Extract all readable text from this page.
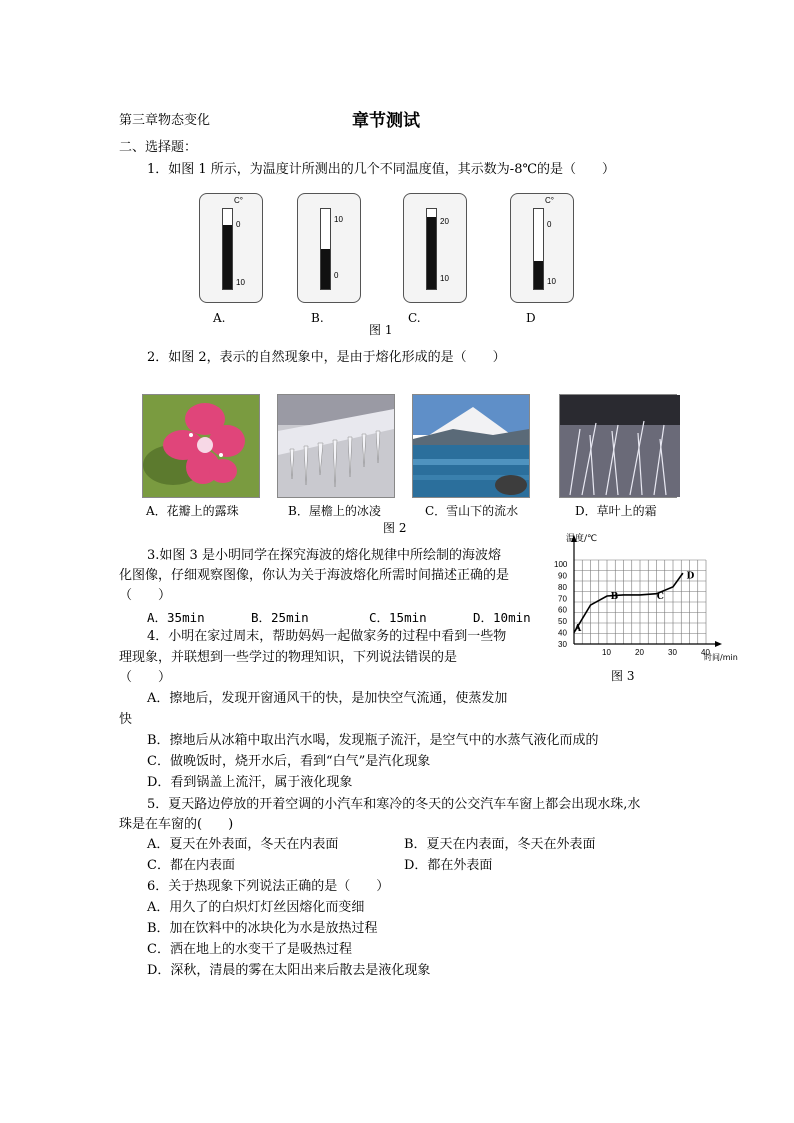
第三章物态变化	章节测试
二、选择题：
1．如图 1 所示，为温度计所测出的几个不同温度值，其示数为-8℃的是（　　）
C°
0
10
10
0
20
10
C°
0
10
A.	B.	C.	D
图 1
2．如图 2，表示的自然现象中，是由于熔化形成的是（　　）
A．花瓣上的露珠	B．屋檐上的冰凌	C．雪山下的流水	D．草叶上的霜
图 2
3.如图 3 是小明同学在探究海波的熔化规律中所绘制的海波熔
化图像，仔细观察图像，你认为关于海波熔化所需时间描述正确的是
（　　）
A．35min	B．25min	C．15min	D．10min
温度/℃
时间/min
10	20	30	40
30
40
50
60
70
80
90
100
A
B	C
D
图 3
4．小明在家过周末，帮助妈妈一起做家务的过程中看到一些物
理现象，并联想到一些学过的物理知识，下列说法错误的是
（　　）
A．擦地后，发现开窗通风干的快，是加快空气流通，使蒸发加
快
B．擦地后从冰箱中取出汽水喝，发现瓶子流汗，是空气中的水蒸气液化而成的
C．做晚饭时，烧开水后，看到“白气”是汽化现象
D．看到锅盖上流汗，属于液化现象
5．夏天路边停放的开着空调的小汽车和寒冷的冬天的公交汽车车窗上都会出现水珠,水
珠是在车窗的(　　)
A．夏天在外表面，冬天在内表面	B．夏天在内表面，冬天在外表面
C．都在内表面	D．都在外表面
6．关于热现象下列说法正确的是（　　）
A．用久了的白炽灯灯丝因熔化而变细
B．加在饮料中的冰块化为水是放热过程
C．洒在地上的水变干了是吸热过程
D．深秋，清晨的雾在太阳出来后散去是液化现象
